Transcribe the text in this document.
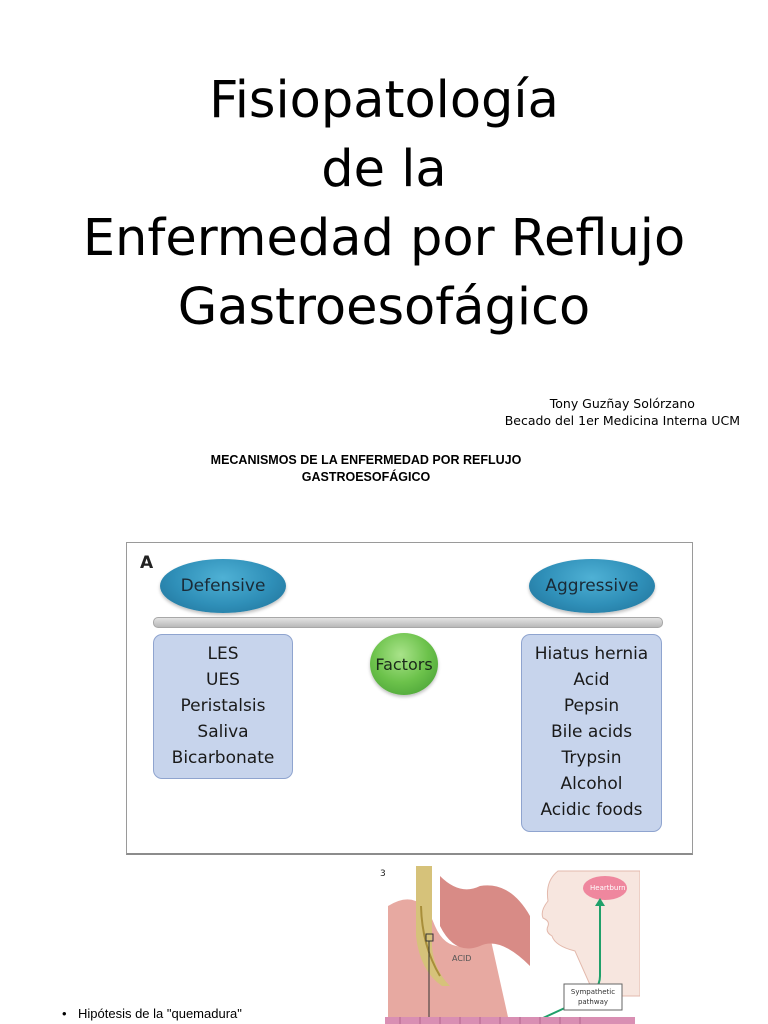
Fisiopatología
de la
Enfermedad por Reflujo
Gastroesofágico
Tony Guzñay Solórzano
Becado del 1er Medicina Interna UCM
MECANISMOS DE LA ENFERMEDAD POR REFLUJO
GASTROESOFÁGICO
A
Defensive	Aggressive
LES
UES
Peristalsis
Saliva
Bicarbonate
Factors	Hiatus hernia
Acid
Pepsin
Bile acids
Trypsin
Alcohol
Acidic foods
ACID
Heartburn
Sympathetic
pathway
3
• Hipótesis de la "quemadura"
